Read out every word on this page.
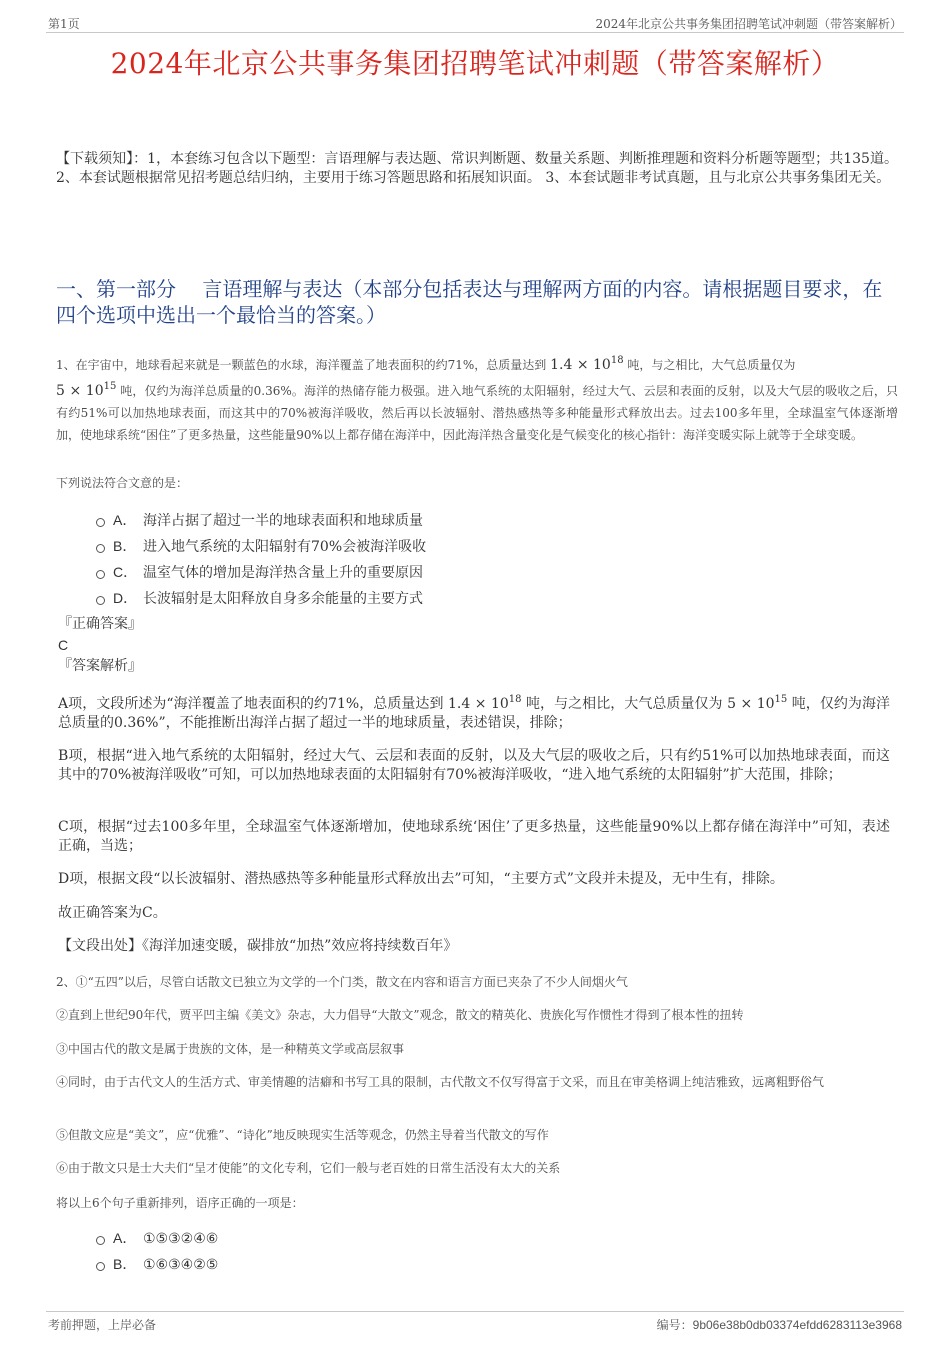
第1页	2024年北京公共事务集团招聘笔试冲刺题（带答案解析）
2024年北京公共事务集团招聘笔试冲刺题（带答案解析）
【下载须知】：1，本套练习包含以下题型：言语理解与表达题、常识判断题、数量关系题、判断推理题和资料分析题等题型；共135道。 2、本套试题根据常见招考题总结归纳，主要用于练习答题思路和拓展知识面。 3、本套试题非考试真题，且与北京公共事务集团无关。
一、第一部分　 言语理解与表达（本部分包括表达与理解两方面的内容。请根据题目要求，在四个选项中选出一个最恰当的答案。）
1、在宇宙中，地球看起来就是一颗蓝色的水球，海洋覆盖了地表面积的约71%，总质量达到 $1.4 \times 10^{18}$ 吨，与之相比，大气总质量仅为
$5 \times 10^{15}$ 吨，仅约为海洋总质量的0.36%。海洋的热储存能力极强。进入地气系统的太阳辐射，经过大气、云层和表面的反射，以及大气层的吸收之后，只有约51%可以加热地球表面，而这其中的70%被海洋吸收，然后再以长波辐射、潜热感热等多种能量形式释放出去。过去100多年里，全球温室气体逐渐增加，使地球系统“困住”了更多热量，这些能量90%以上都存储在海洋中，因此海洋热含量变化是气候变化的核心指针：海洋变暖实际上就等于全球变暖。
下列说法符合文意的是：
A． 海洋占据了超过一半的地球表面积和地球质量
B． 进入地气系统的太阳辐射有70%会被海洋吸收
C． 温室气体的增加是海洋热含量上升的重要原因
D． 长波辐射是太阳释放自身多余能量的主要方式
『正确答案』
C
『答案解析』
A项，文段所述为“海洋覆盖了地表面积的约71%，总质量达到 $1.4 \times 10^{18}$ 吨，与之相比，大气总质量仅为 $5 \times 10^{15}$ 吨，仅约为海洋总质量的0.36%”，不能推断出海洋占据了超过一半的地球质量，表述错误，排除；
B项，根据“进入地气系统的太阳辐射，经过大气、云层和表面的反射，以及大气层的吸收之后，只有约51%可以加热地球表面，而这其中的70%被海洋吸收”可知，可以加热地球表面的太阳辐射有70%被海洋吸收，“进入地气系统的太阳辐射”扩大范围，排除；
C项，根据“过去100多年里，全球温室气体逐渐增加，使地球系统‘困住’了更多热量，这些能量90%以上都存储在海洋中”可知，表述正确，当选；
D项，根据文段“以长波辐射、潜热感热等多种能量形式释放出去”可知，“主要方式”文段并未提及，无中生有，排除。
故正确答案为C。
【文段出处】《海洋加速变暖，碳排放“加热”效应将持续数百年》
2、①“五四”以后，尽管白话散文已独立为文学的一个门类，散文在内容和语言方面已夹杂了不少人间烟火气
②直到上世纪90年代，贾平凹主编《美文》杂志，大力倡导“大散文”观念，散文的精英化、贵族化写作惯性才得到了根本性的扭转
③中国古代的散文是属于贵族的文体，是一种精英文学或高层叙事
④同时，由于古代文人的生活方式、审美情趣的洁癖和书写工具的限制，古代散文不仅写得富于文采，而且在审美格调上纯洁雅致，远离粗野俗气
⑤但散文应是“美文”，应“优雅”、“诗化”地反映现实生活等观念，仍然主导着当代散文的写作
⑥由于散文只是士大夫们“呈才使能”的文化专利，它们一般与老百姓的日常生活没有太大的关系
将以上6个句子重新排列，语序正确的一项是：
A． ①⑤③②④⑥
B． ①⑥③④②⑤
考前押题，上岸必备	编号：9b06e38b0db03374efdd6283113e3968
